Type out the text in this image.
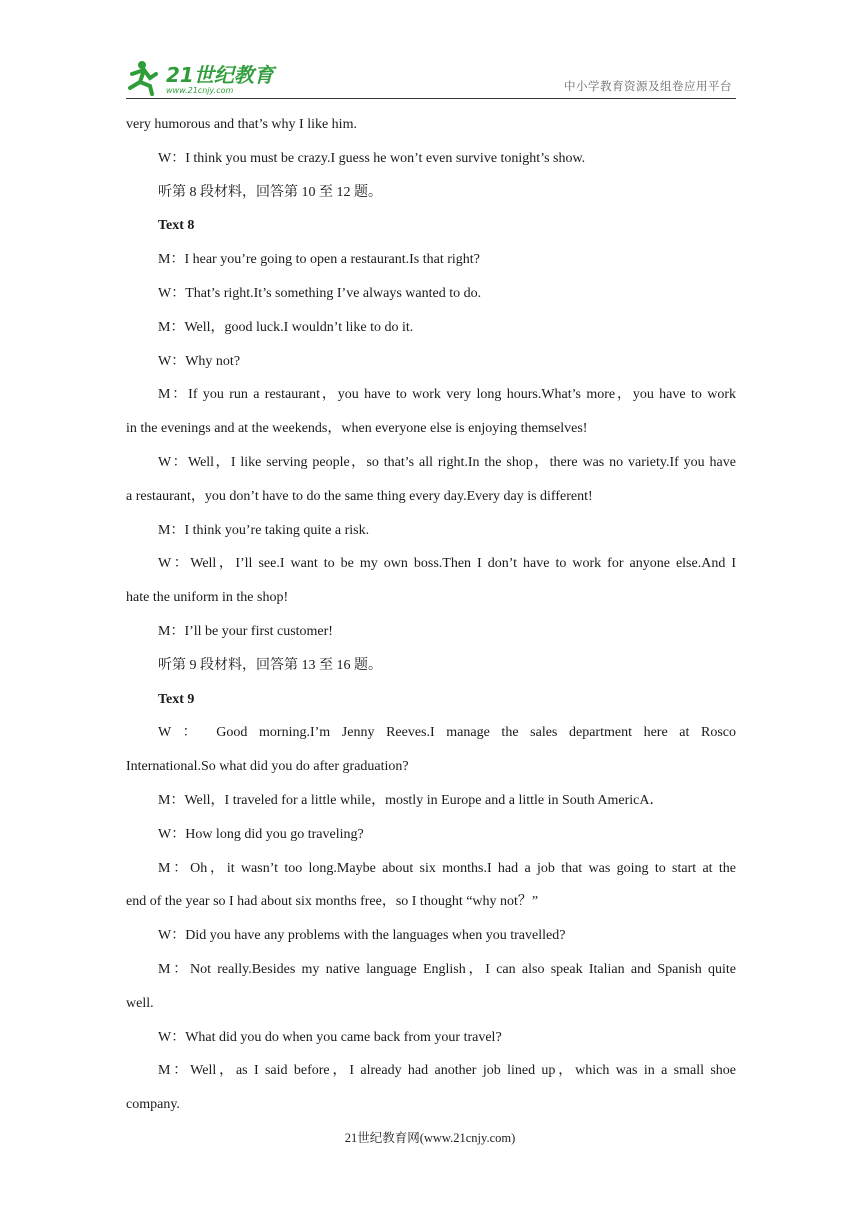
21世纪教育
www.21cnjy.com	中小学教育资源及组卷应用平台

very humorous and that’s why I like him.

W：I think you must be crazy.I guess he won’t even survive tonight’s show.

听第 8 段材料，回答第 10 至 12 题。

Text 8

M：I hear you’re going to open a restaurant.Is that right?

W：That’s right.It’s something I’ve always wanted to do.

M：Well，good luck.I wouldn’t like to do it.

W：Why not?

M：If you run a restaurant，you have to work very long hours.What’s more，you have to work

in the evenings and at the weekends，when everyone else is enjoying themselves!

W：Well，I like serving people，so that’s all right.In the shop，there was no variety.If you have

a restaurant，you don’t have to do the same thing every day.Every day is different!

M：I think you’re taking quite a risk.

W：Well，I’ll see.I want to be my own boss.Then I don’t have to work for anyone else.And I

hate the uniform in the shop!

M：I’ll be your first customer!

听第 9 段材料，回答第 13 至 16 题。

Text 9

W ： Good morning.I’m Jenny Reeves.I manage the sales department here at Rosco

International.So what did you do after graduation?

M：Well，I traveled for a little while，mostly in Europe and a little in South AmericA．

W：How long did you go traveling?

M：Oh，it wasn’t too long.Maybe about six months.I had a job that was going to start at the

end of the year so I had about six months free，so I thought “why not？”

W：Did you have any problems with the languages when you travelled?

M：Not really.Besides my native language English，I can also speak Italian and Spanish quite

well.

W：What did you do when you came back from your travel?

M：Well，as I said before，I already had another job lined up，which was in a small shoe

company.

21世纪教育网(www.21cnjy.com)
